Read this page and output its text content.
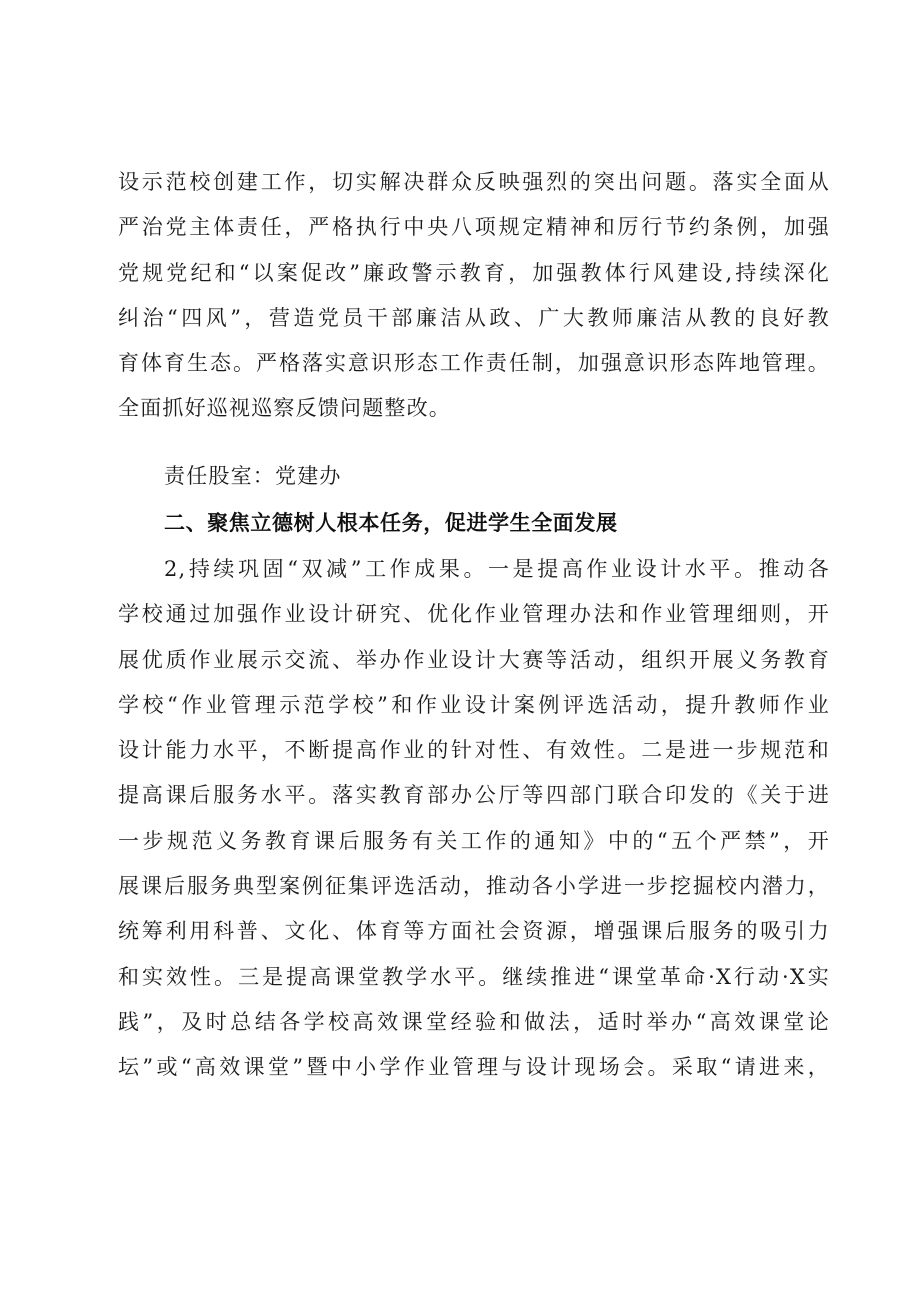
设示范校创建工作，切实解决群众反映强烈的突出问题。落实全面从
严治党主体责任，严格执行中央八项规定精神和厉行节约条例，加强
党规党纪和“以案促改”廉政警示教育，加强教体行风建设,持续深化
纠治“四风”，营造党员干部廉洁从政、广大教师廉洁从教的良好教
育体育生态。严格落实意识形态工作责任制，加强意识形态阵地管理。
全面抓好巡视巡察反馈问题整改。
责任股室：党建办
二、聚焦立德树人根本任务，促进学生全面发展
2,持续巩固“双减”工作成果。一是提高作业设计水平。推动各
学校通过加强作业设计研究、优化作业管理办法和作业管理细则，开
展优质作业展示交流、举办作业设计大赛等活动，组织开展义务教育
学校“作业管理示范学校”和作业设计案例评选活动，提升教师作业
设计能力水平，不断提高作业的针对性、有效性。二是进一步规范和
提高课后服务水平。落实教育部办公厅等四部门联合印发的《关于进
一步规范义务教育课后服务有关工作的通知》中的“五个严禁”，开
展课后服务典型案例征集评选活动，推动各小学进一步挖掘校内潜力，
统筹利用科普、文化、体育等方面社会资源，增强课后服务的吸引力
和实效性。三是提高课堂教学水平。继续推进“课堂革命·X行动·X实
践”，及时总结各学校高效课堂经验和做法，适时举办“高效课堂论
坛”或“高效课堂”暨中小学作业管理与设计现场会。采取“请进来，
